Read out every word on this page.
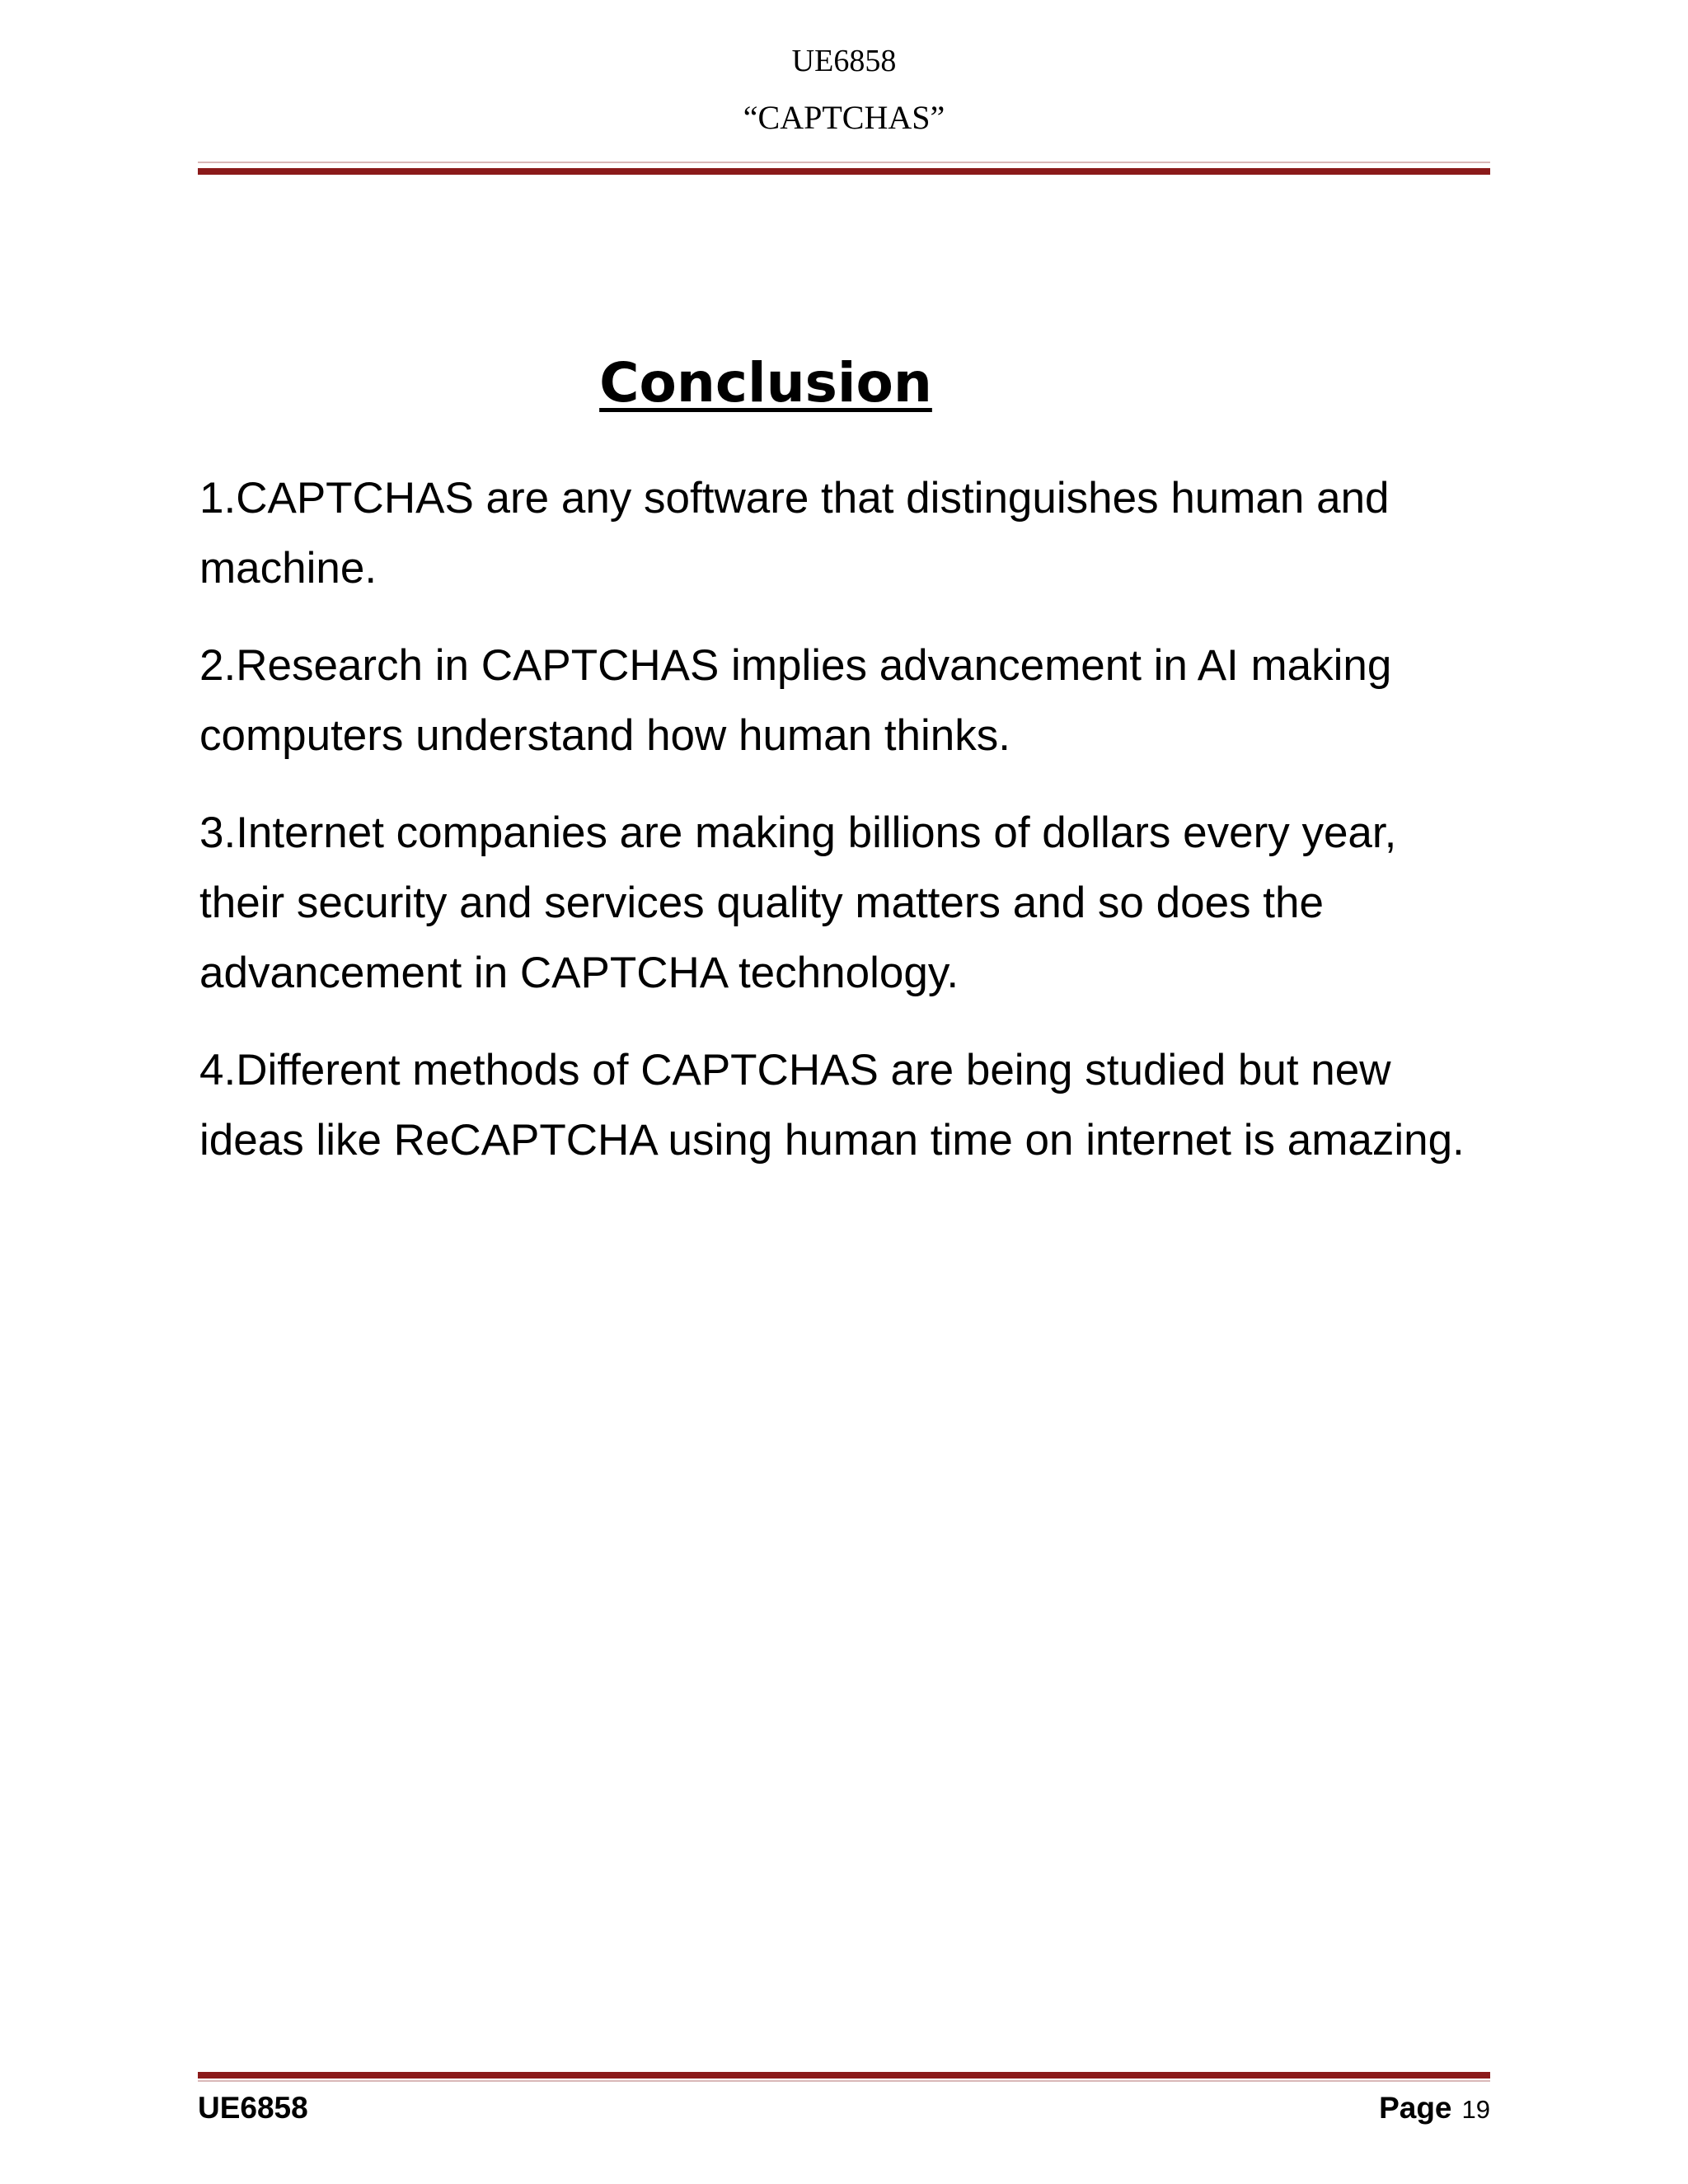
UE6858
“CAPTCHAS”
Conclusion

1.CAPTCHAS are any software that distinguishes human and machine.

2.Research in CAPTCHAS implies advancement in AI making computers understand how human thinks.

3.Internet companies are making billions of dollars every year, their security and services quality matters and so does the advancement in CAPTCHA technology.

4.Different methods of CAPTCHAS are being studied but new ideas like ReCAPTCHA using human time on internet is amazing.

UE6858	Page 19
